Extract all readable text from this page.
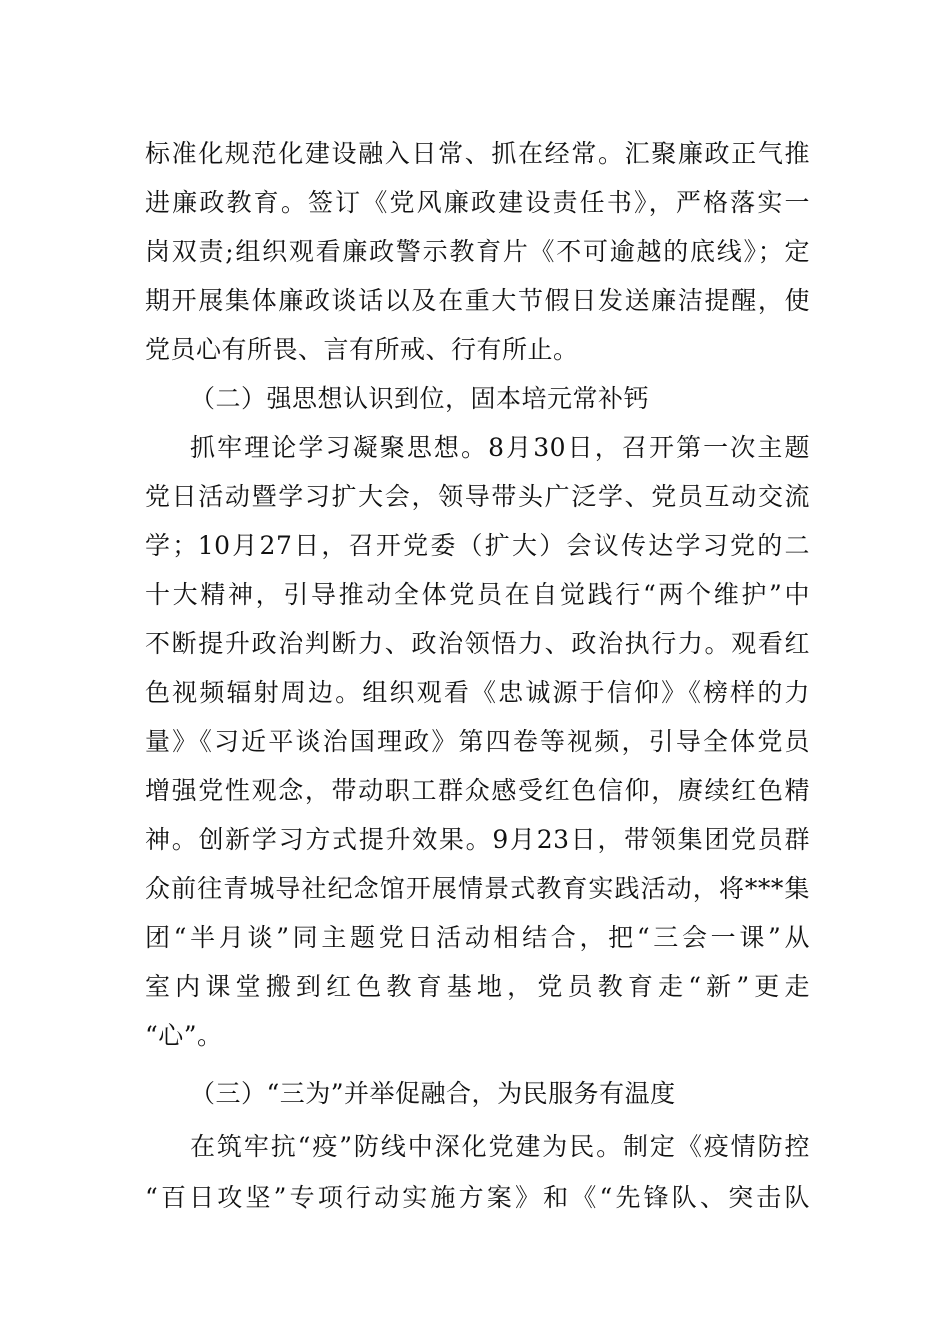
标准化规范化建设融入日常、抓在经常。汇聚廉政正气推
进廉政教育。签订《党风廉政建设责任书》，严格落实一
岗双责;组织观看廉政警示教育片《不可逾越的底线》；定
期开展集体廉政谈话以及在重大节假日发送廉洁提醒，使
党员心有所畏、言有所戒、行有所止。
（二）强思想认识到位，固本培元常补钙
抓牢理论学习凝聚思想。8月30日，召开第一次主题
党日活动暨学习扩大会，领导带头广泛学、党员互动交流
学；10月27日，召开党委（扩大）会议传达学习党的二
十大精神，引导推动全体党员在自觉践行“两个维护”中
不断提升政治判断力、政治领悟力、政治执行力。观看红
色视频辐射周边。组织观看《忠诚源于信仰》《榜样的力
量》《习近平谈治国理政》第四卷等视频，引导全体党员
增强党性观念，带动职工群众感受红色信仰，赓续红色精
神。创新学习方式提升效果。9月23日，带领集团党员群
众前往青城导社纪念馆开展情景式教育实践活动，将***集
团“半月谈”同主题党日活动相结合，把“三会一课”从
室内课堂搬到红色教育基地，党员教育走“新”更走
“心”。
（三）“三为”并举促融合，为民服务有温度
在筑牢抗“疫”防线中深化党建为民。制定《疫情防控
“百日攻坚”专项行动实施方案》和《“先锋队、突击队
